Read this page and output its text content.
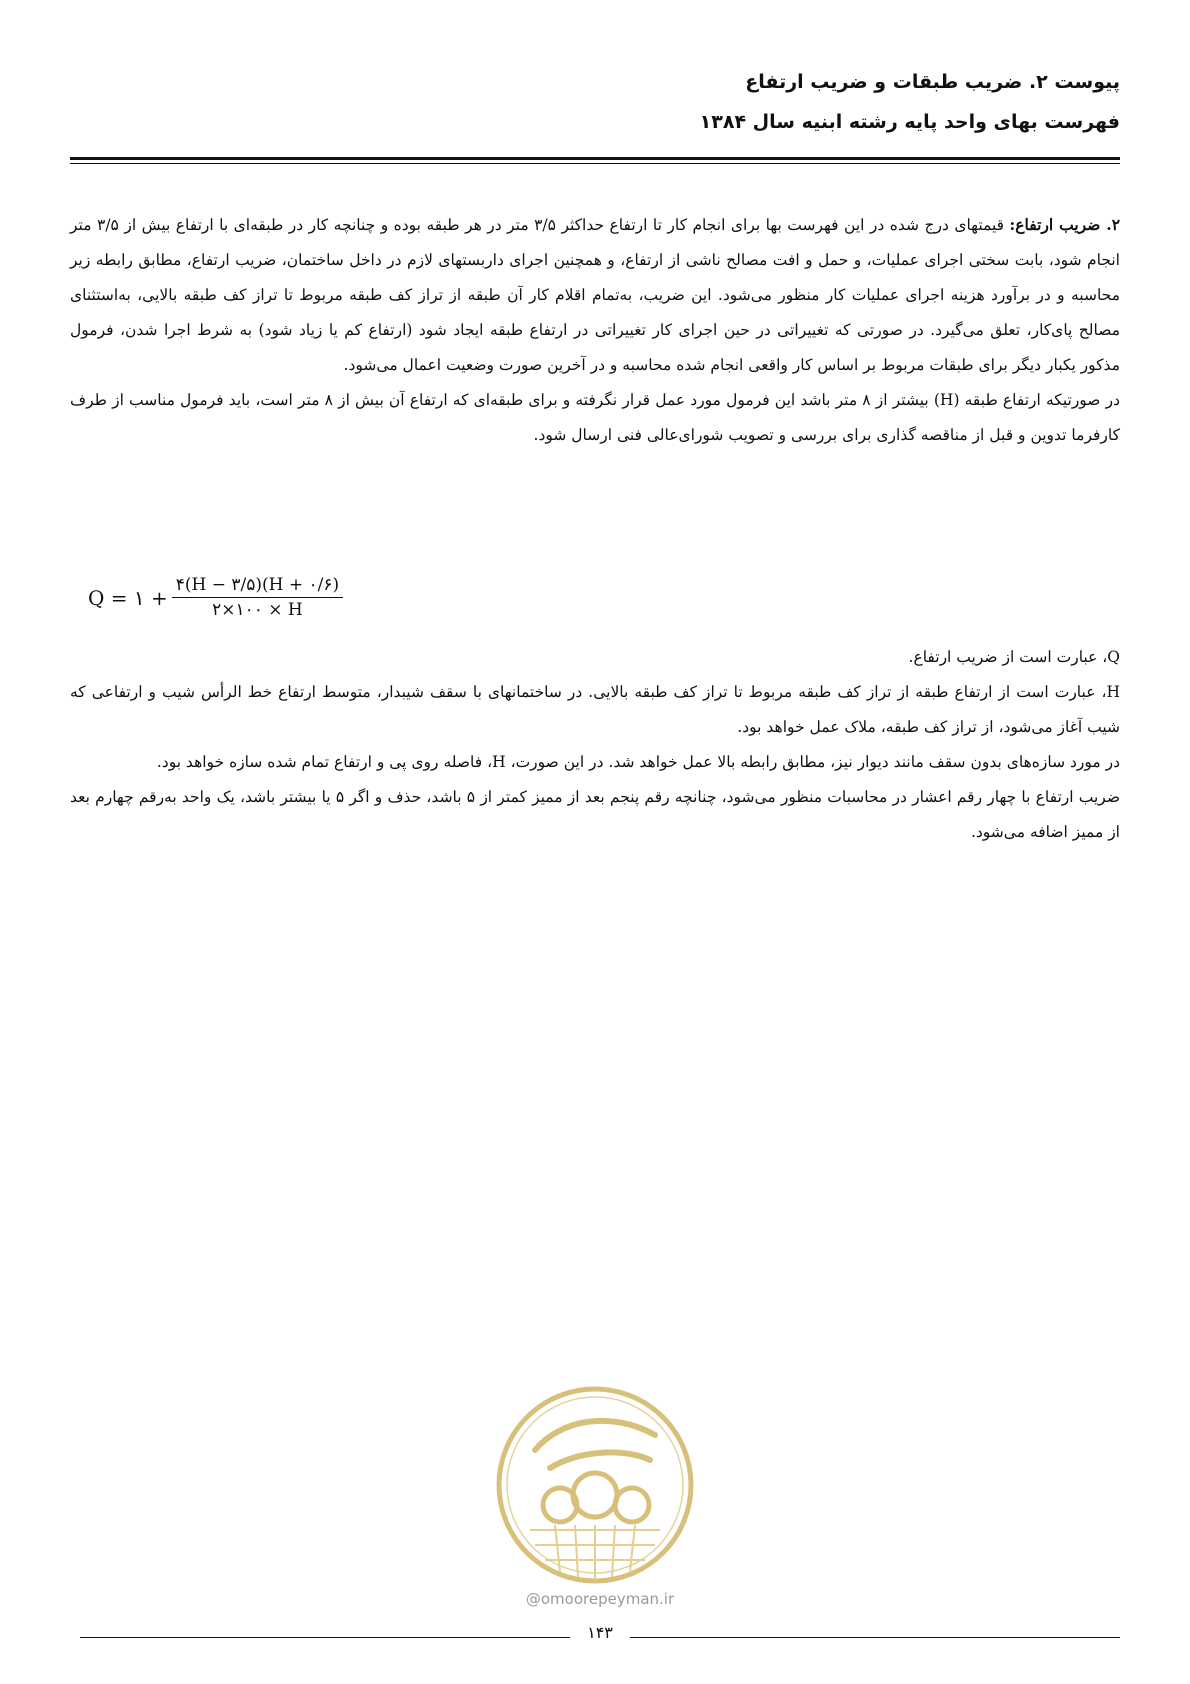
پیوست ۲. ضریب طبقات و ضریب ارتفاع
فهرست بهای واحد پایه رشته ابنیه سال ۱۳۸۴

۲. ضریب ارتفاع: قیمتهای درج شده در این فهرست بها برای انجام کار تا ارتفاع حداکثر ۳/۵ متر در هر طبقه بوده و چنانچه کار در طبقه‌ای با ارتفاع بیش از ۳/۵ متر انجام شود، بابت سختی اجرای عملیات، و حمل و افت مصالح ناشی از ارتفاع، و همچنین اجرای داربستهای لازم در داخل ساختمان، ضریب ارتفاع، مطابق رابطه زیر محاسبه و در برآورد هزینه اجرای عملیات کار منظور می‌شود. این ضریب، به‌تمام اقلام کار آن طبقه از تراز کف طبقه مربوط تا تراز کف طبقه بالایی، به‌استثنای مصالح پای‌کار، تعلق می‌گیرد. در صورتی که تغییراتی در حین اجرای کار تغییراتی در ارتفاع طبقه ایجاد شود (ارتفاع کم یا زیاد شود) به شرط اجرا شدن، فرمول مذکور یکبار دیگر برای طبقات مربوط بر اساس کار واقعی انجام شده محاسبه و در آخرین صورت وضعیت اعمال می‌شود.

در صورتیکه ارتفاع طبقه (H) بیشتر از ۸ متر باشد این فرمول مورد عمل قرار نگرفته و برای طبقه‌ای که ارتفاع آن بیش از ۸ متر است، باید فرمول مناسب از طرف کارفرما تدوین و قبل از مناقصه گذاری برای بررسی و تصویب شورای‌عالی فنی ارسال شود.

Q = ۱ + $\frac{۴(H - ۳/۵)(H + ۰/۶)}{۲\times ۱۰۰ \times H}$

Q، عبارت است از ضریب ارتفاع.

H، عبارت است از ارتفاع طبقه از تراز کف طبقه مربوط تا تراز کف طبقه بالایی. در ساختمانهای با سقف شیبدار، متوسط ارتفاع خط الرأس شیب و ارتفاعی که شیب آغاز می‌شود، از تراز کف طبقه، ملاک عمل خواهد بود.

در مورد سازه‌های بدون سقف مانند دیوار نیز، مطابق رابطه بالا عمل خواهد شد. در این صورت، H، فاصله روی پی و ارتفاع تمام شده سازه خواهد بود.

ضریب ارتفاع با چهار رقم اعشار در محاسبات منظور می‌شود، چنانچه رقم پنجم بعد از ممیز کمتر از ۵ باشد، حذف و اگر ۵ یا بیشتر باشد، یک واحد به‌رقم چهارم بعد از ممیز اضافه می‌شود.

@omoorepeyman.ir
۱۴۳
